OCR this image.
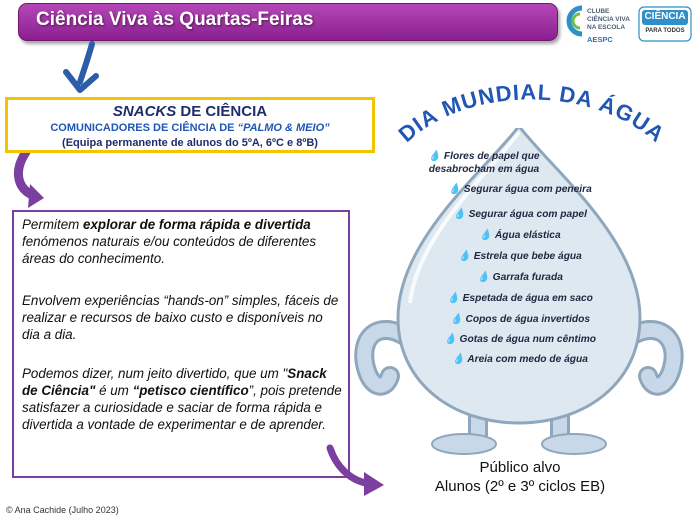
Ciência Viva às Quartas-Feiras	CLUBE
CIÊNCIA VIVA
NA ESCOLA
AESPC
CIÊNCIA
PARA TODOS
SNACKS DE CIÊNCIA
COMUNICADORES DE CIÊNCIA DE “PALMO & MEIO”
(Equipa permanente de alunos do 5ºA, 6ºC e 8ºB)
Permitem explorar de forma rápida e divertida fenómenos naturais e/ou conteúdos de diferentes áreas do conhecimento.
Envolvem experiências “hands-on” simples, fáceis de realizar e recursos de baixo custo e disponíveis no dia a dia.
Podemos dizer, num jeito divertido, que um "Snack de Ciência" é um “petisco científico”, pois pretende satisfazer a curiosidade e saciar de forma rápida e divertida a vontade de experimentar e de aprender.
DIA MUNDIAL DA ÁGUA
💧 Flores de papel que desabrocham em água
💧 Segurar água com peneira
💧 Segurar água com papel
💧 Água elástica
💧 Estrela que bebe água
💧 Garrafa furada
💧 Espetada de água em saco
💧 Copos de água invertidos
💧 Gotas de água num cêntimo
💧 Areia com medo de água
Público alvo
Alunos (2º e 3º ciclos EB)
© Ana Cachide (Julho 2023)
